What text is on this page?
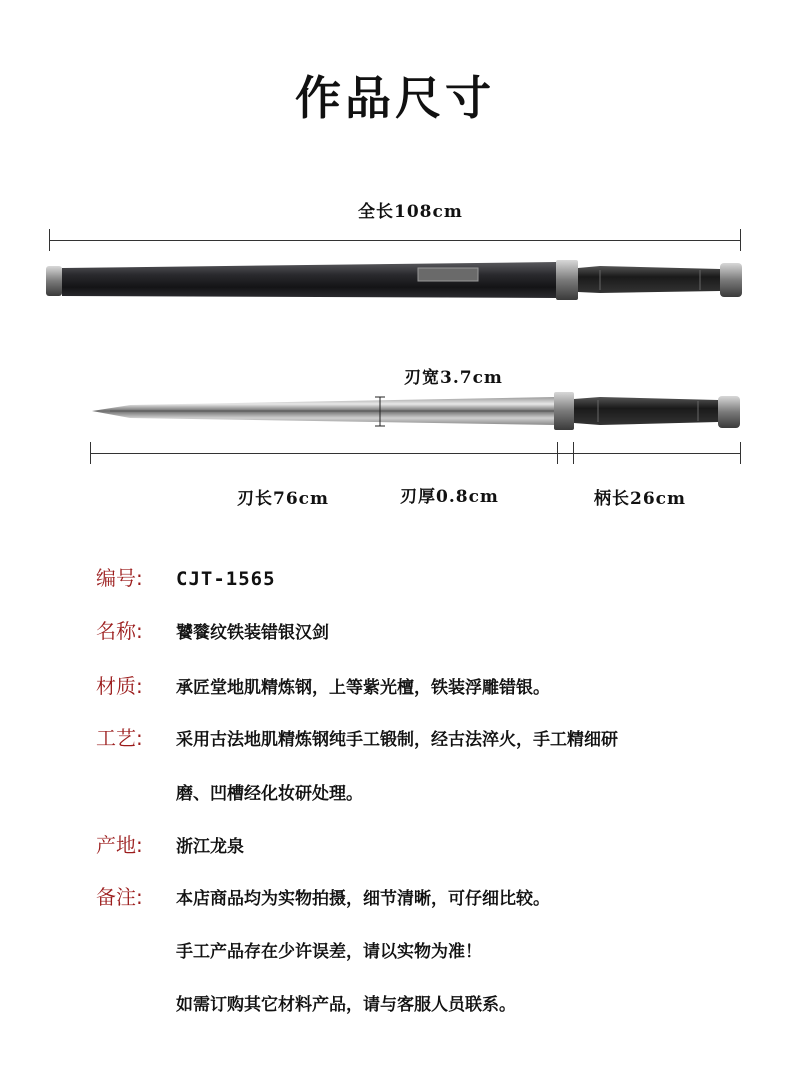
作品尺寸
全长108cm
刃宽3.7cm
刃长76cm	刃厚0.8cm	柄长26cm
编号: CJT-1565
名称: 饕餮纹铁装错银汉剑
材质: 承匠堂地肌精炼钢，上等紫光檀，铁装浮雕错银。
工艺: 采用古法地肌精炼钢纯手工锻制，经古法淬火，手工精细研
磨、凹槽经化妆研处理。
产地: 浙江龙泉
备注: 本店商品均为实物拍摄，细节清晰，可仔细比较。
手工产品存在少许误差，请以实物为准！
如需订购其它材料产品，请与客服人员联系。
